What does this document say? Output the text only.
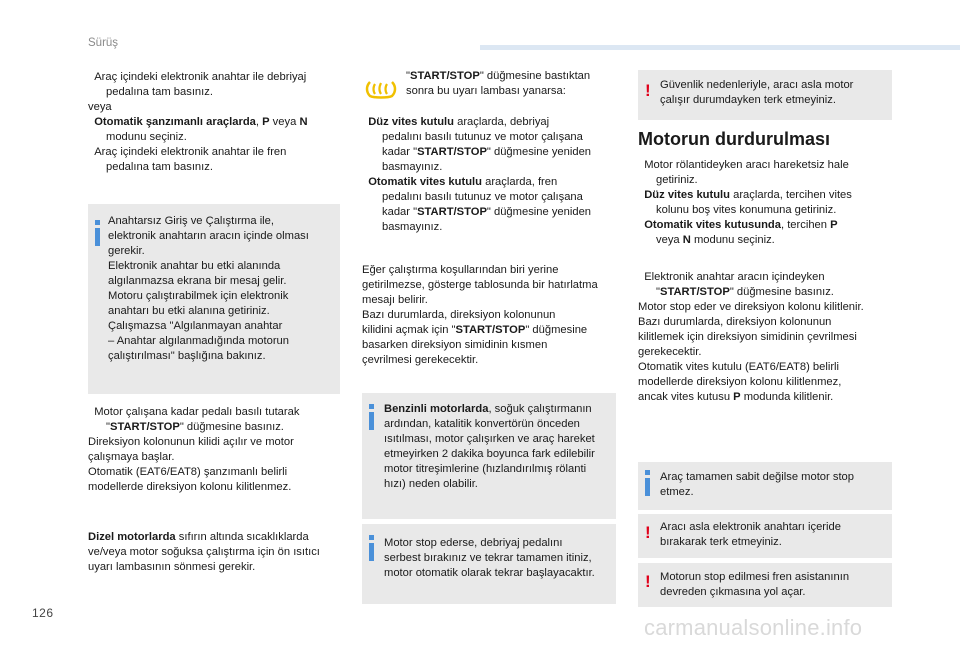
Sürüş
Araç içindeki elektronik anahtar ile debriyaj
pedalına tam basınız.
veya
Otomatik şanzımanlı araçlarda, P veya N
modunu seçiniz.
Araç içindeki elektronik anahtar ile fren
pedalına tam basınız.
Anahtarsız Giriş ve Çalıştırma ile,
elektronik anahtarın aracın içinde olması
gerekir.
Elektronik anahtar bu etki alanında
algılanmazsa ekrana bir mesaj gelir.
Motoru çalıştırabilmek için elektronik
anahtarı bu etki alanına getiriniz.
Çalışmazsa "Algılanmayan anahtar
– Anahtar algılanmadığında motorun
çalıştırılması" başlığına bakınız.
Motor çalışana kadar pedalı basılı tutarak
"START/STOP" düğmesine basınız.
Direksiyon kolonunun kilidi açılır ve motor
çalışmaya başlar.
Otomatik (EAT6/EAT8) şanzımanlı belirli
modellerde direksiyon kolonu kilitlenmez.
Dizel motorlarda sıfırın altında sıcaklıklarda
ve/veya motor soğuksa çalıştırma için ön ısıtıcı
uyarı lambasının sönmesi gerekir.
"START/STOP" düğmesine bastıktan
sonra bu uyarı lambası yanarsa:
Düz vites kutulu araçlarda, debriyaj
pedalını basılı tutunuz ve motor çalışana
kadar "START/STOP" düğmesine yeniden
basmayınız.
Otomatik vites kutulu araçlarda, fren
pedalını basılı tutunuz ve motor çalışana
kadar "START/STOP" düğmesine yeniden
basmayınız.
Eğer çalıştırma koşullarından biri yerine
getirilmezse, gösterge tablosunda bir hatırlatma
mesajı belirir.
Bazı durumlarda, direksiyon kolonunun
kilidini açmak için "START/STOP" düğmesine
basarken direksiyon simidinin kısmen
çevrilmesi gerekecektir.
Benzinli motorlarda, soğuk çalıştırmanın
ardından, katalitik konvertörün önceden
ısıtılması, motor çalışırken ve araç hareket
etmeyirken 2 dakika boyunca fark edilebilir
motor titreşimlerine (hızlandırılmış rölanti
hızı) neden olabilir.
Motor stop ederse, debriyaj pedalını
serbest bırakınız ve tekrar tamamen itiniz,
motor otomatik olarak tekrar başlayacaktır.
! Güvenlik nedenleriyle, aracı asla motor
çalışır durumdayken terk etmeyiniz.
Motorun durdurulması
Motor rölantideyken aracı hareketsiz hale
getiriniz.
Düz vites kutulu araçlarda, tercihen vites
kolunu boş vites konumuna getiriniz.
Otomatik vites kutusunda, tercihen P
veya N modunu seçiniz.
Elektronik anahtar aracın içindeyken
"START/STOP" düğmesine basınız.
Motor stop eder ve direksiyon kolonu kilitlenir.
Bazı durumlarda, direksiyon kolonunun
kilitlemek için direksiyon simidinin çevrilmesi
gerekecektir.
Otomatik vites kutulu (EAT6/EAT8) belirli
modellerde direksiyon kolonu kilitlenmez,
ancak vites kutusu P modunda kilitlenir.
Araç tamamen sabit değilse motor stop
etmez.
! Aracı asla elektronik anahtarı içeride
bırakarak terk etmeyiniz.
! Motorun stop edilmesi fren asistanının
devreden çıkmasına yol açar.
126
carmanualsonline.info
